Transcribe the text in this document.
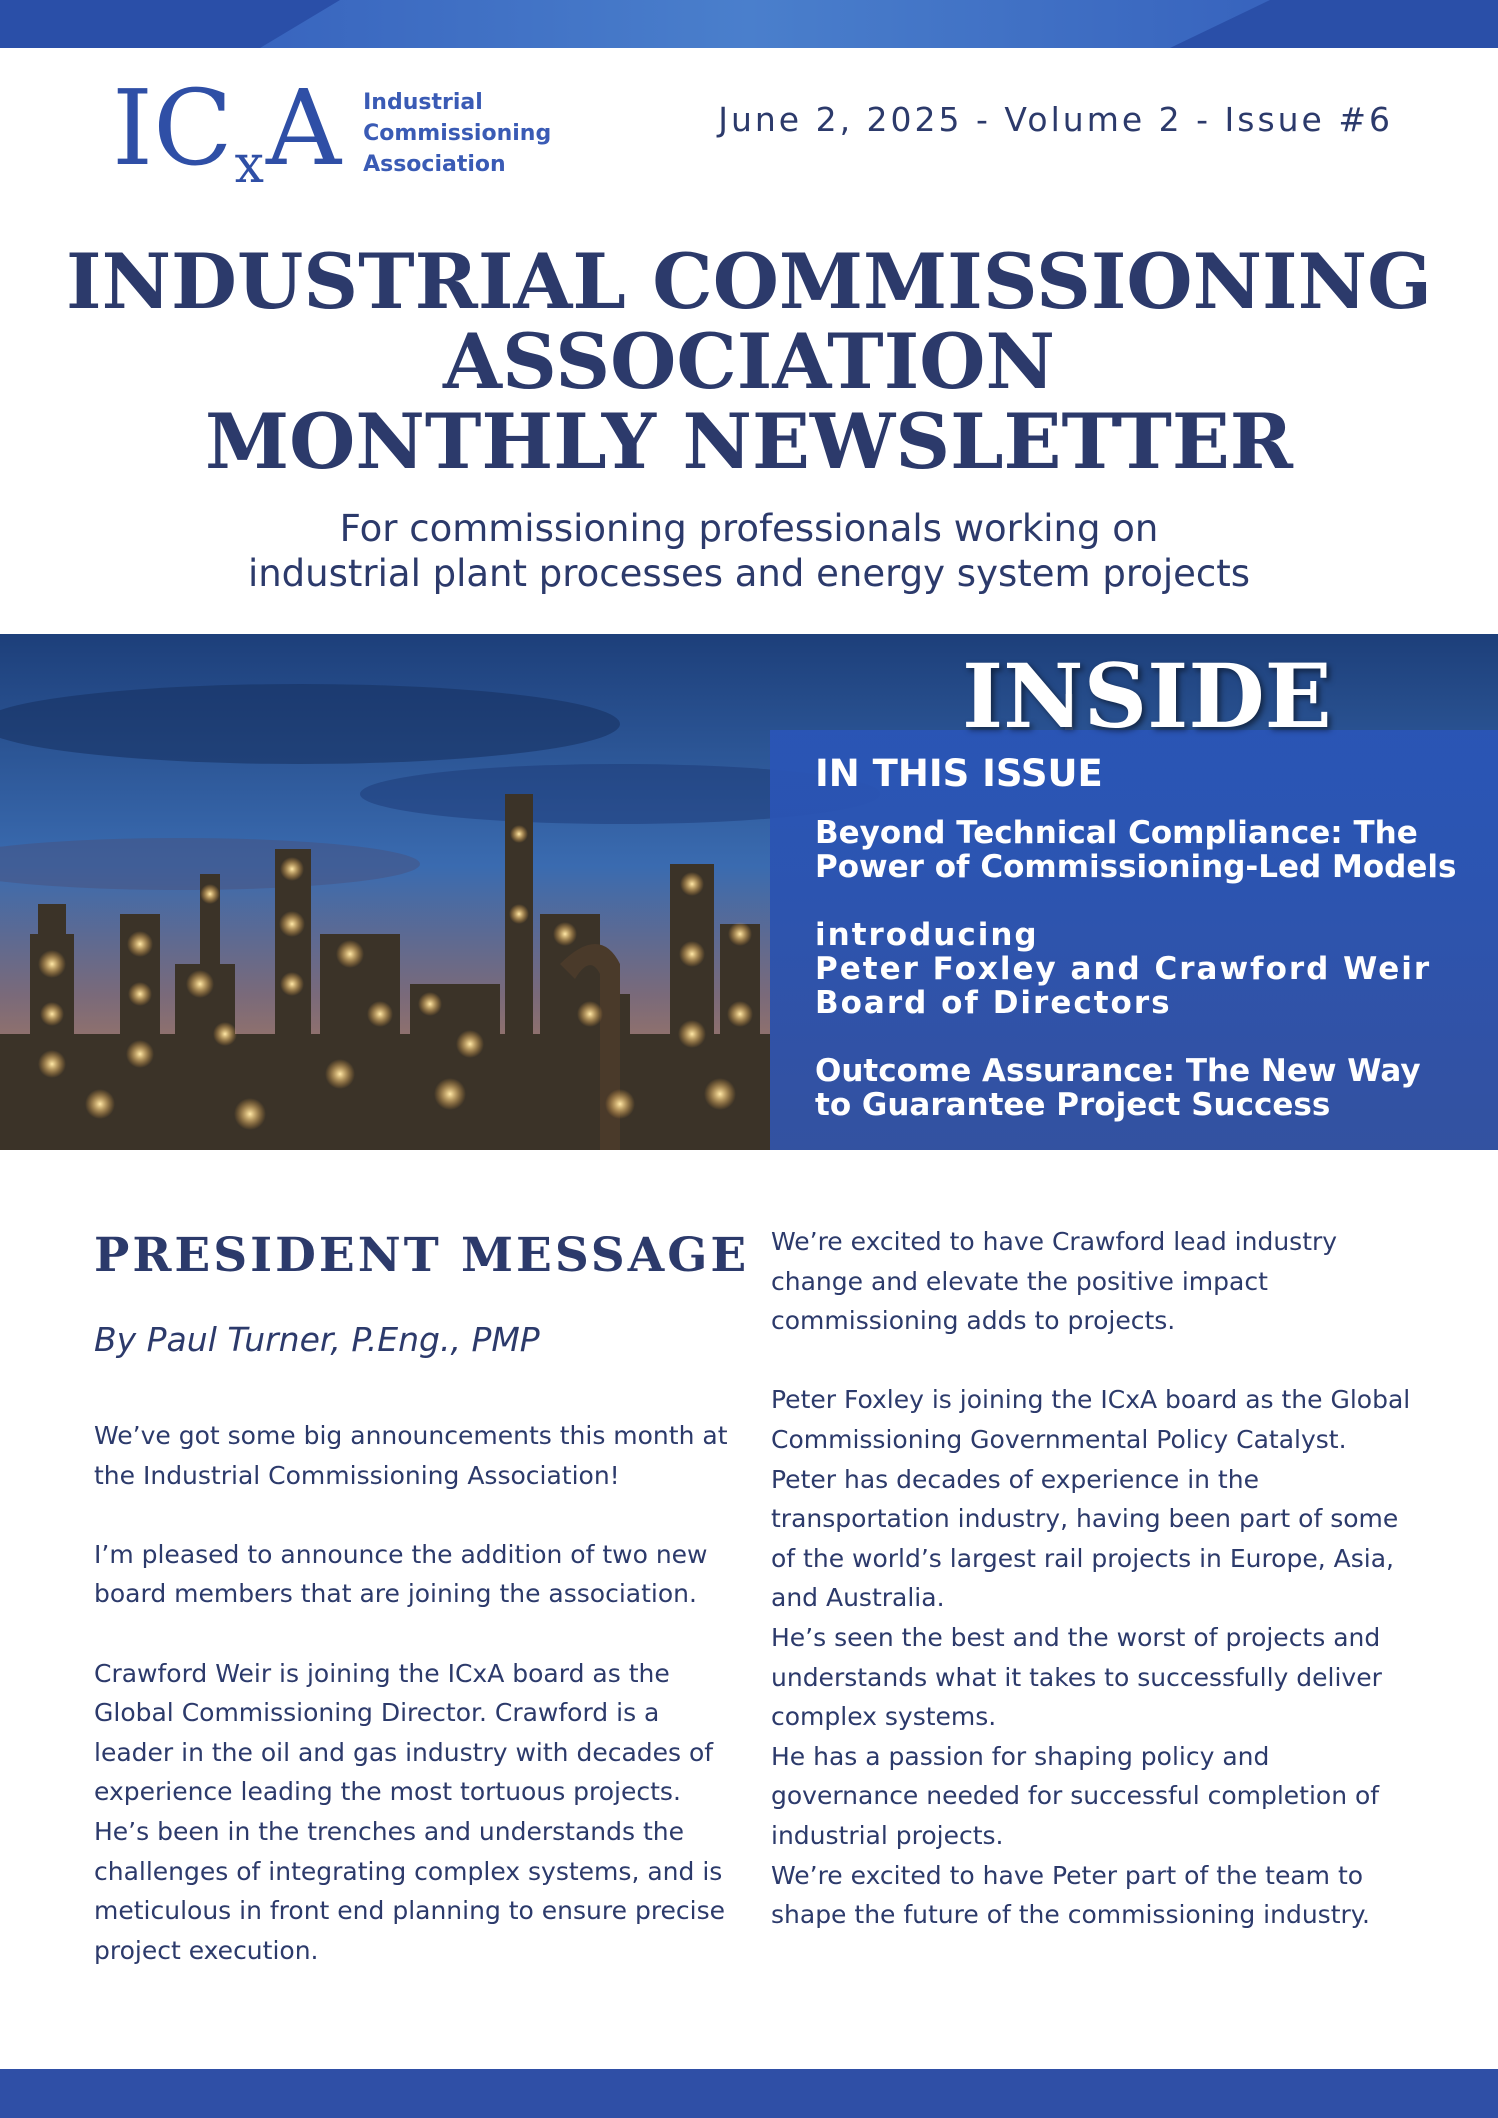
$IC_xA$ Industrial
Commissioning
Association
June 2, 2025 - Volume 2 - Issue #6
INDUSTRIAL COMMISSIONING
ASSOCIATION
MONTHLY NEWSLETTER
For commissioning professionals working on
industrial plant processes and energy system projects
INSIDE
IN THIS ISSUE
Beyond Technical Compliance: The
Power of Commissioning-Led Models
introducing
Peter Foxley and Crawford Weir
Board of Directors
Outcome Assurance: The New Way
to Guarantee Project Success
PRESIDENT MESSAGE
By Paul Turner, P.Eng., PMP

We’ve got some big announcements this month at the Industrial Commissioning Association!

I’m pleased to announce the addition of two new board members that are joining the association.

Crawford Weir is joining the ICxA board as the Global Commissioning Director. Crawford is a leader in the oil and gas industry with decades of experience leading the most tortuous projects. He’s been in the trenches and understands the challenges of integrating complex systems, and is meticulous in front end planning to ensure precise project execution.

We’re excited to have Crawford lead industry change and elevate the positive impact commissioning adds to projects.

Peter Foxley is joining the ICxA board as the Global Commissioning Governmental Policy Catalyst.

Peter has decades of experience in the transportation industry, having been part of some of the world’s largest rail projects in Europe, Asia, and Australia.

He’s seen the best and the worst of projects and understands what it takes to successfully deliver complex systems.

He has a passion for shaping policy and governance needed for successful completion of industrial projects.

We’re excited to have Peter part of the team to shape the future of the commissioning industry.
